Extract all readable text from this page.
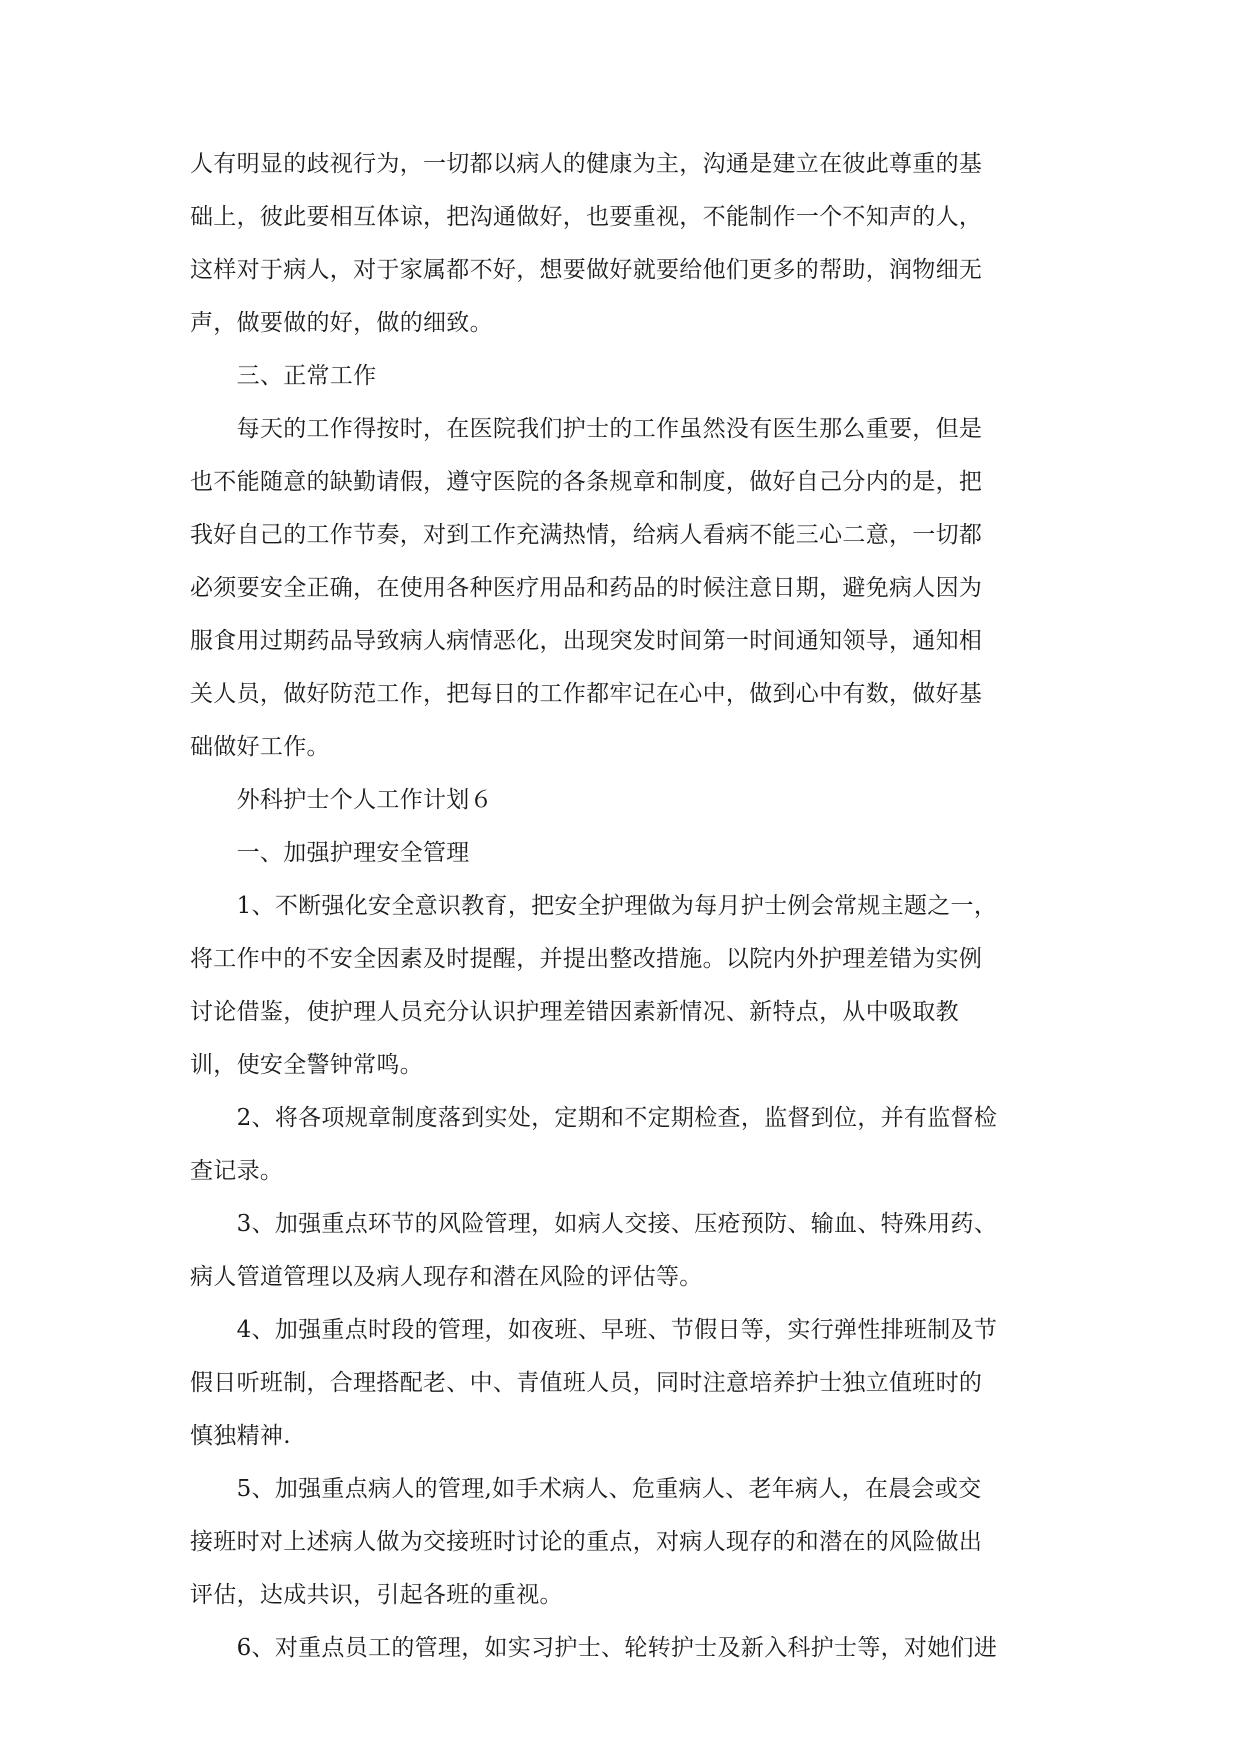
人有明显的歧视行为，一切都以病人的健康为主，沟通是建立在彼此尊重的基

础上，彼此要相互体谅，把沟通做好，也要重视，不能制作一个不知声的人，

这样对于病人，对于家属都不好，想要做好就要给他们更多的帮助，润物细无

声，做要做的好，做的细致。

　　三、正常工作

　　每天的工作得按时，在医院我们护士的工作虽然没有医生那么重要，但是

也不能随意的缺勤请假，遵守医院的各条规章和制度，做好自己分内的是，把

我好自己的工作节奏，对到工作充满热情，给病人看病不能三心二意，一切都

必须要安全正确，在使用各种医疗用品和药品的时候注意日期，避免病人因为

服食用过期药品导致病人病情恶化，出现突发时间第一时间通知领导，通知相

关人员，做好防范工作，把每日的工作都牢记在心中，做到心中有数，做好基

础做好工作。

　　外科护士个人工作计划６

　　一、加强护理安全管理

　　1、不断强化安全意识教育，把安全护理做为每月护士例会常规主题之一，

将工作中的不安全因素及时提醒，并提出整改措施。以院内外护理差错为实例

讨论借鉴，使护理人员充分认识护理差错因素新情况、新特点，从中吸取教

训，使安全警钟常鸣。

　　2、将各项规章制度落到实处，定期和不定期检查，监督到位，并有监督检

查记录。

　　3、加强重点环节的风险管理，如病人交接、压疮预防、输血、特殊用药、

病人管道管理以及病人现存和潜在风险的评估等。

　　4、加强重点时段的管理，如夜班、早班、节假日等，实行弹性排班制及节

假日听班制，合理搭配老、中、青值班人员，同时注意培养护士独立值班时的

慎独精神.

　　5、加强重点病人的管理,如手术病人、危重病人、老年病人，在晨会或交

接班时对上述病人做为交接班时讨论的重点，对病人现存的和潜在的风险做出

评估，达成共识，引起各班的重视。

　　6、对重点员工的管理，如实习护士、轮转护士及新入科护士等，对她们进
